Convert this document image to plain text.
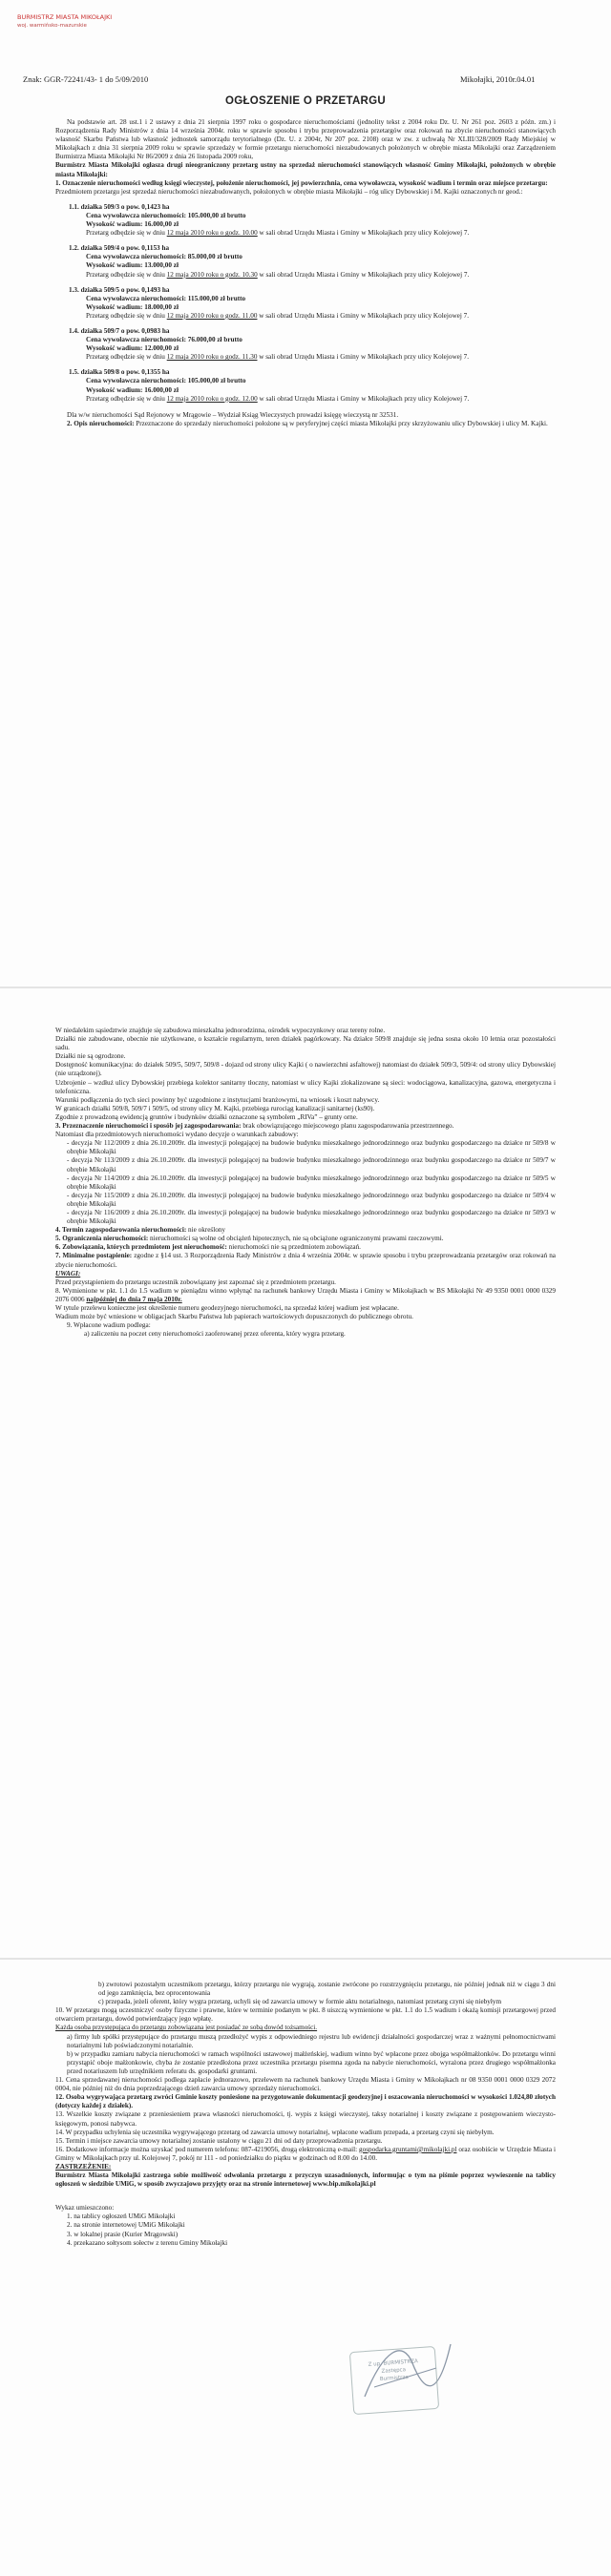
BURMISTRZ MIASTA MIKOŁAJKI
woj. warmińsko-mazurskie
Znak: GGR-72241/43- 1 do 5/09/2010	Mikołajki, 2010r.04.01
OGŁOSZENIE O PRZETARGU

Na podstawie art. 28 ust.1 i 2 ustawy z dnia 21 sierpnia 1997 roku o gospodarce nieruchomościami (jednolity tekst z 2004 roku Dz. U. Nr 261 poz. 2603 z późn. zm.) i Rozporządzenia Rady Ministrów z dnia 14 września 2004r. roku w sprawie sposobu i trybu przeprowadzenia przetargów oraz rokowań na zbycie nieruchomości stanowiących własność Skarbu Państwa lub własność jednostek samorządu terytorialnego (Dz. U. z 2004r, Nr 207 poz. 2108) oraz w zw. z uchwałą Nr XLIII/328/2009 Rady Miejskiej w Mikołajkach z dnia 31 sierpnia 2009 roku w sprawie sprzedaży w formie przetargu nieruchomości niezabudowanych położonych w obrębie miasta Mikołajki oraz Zarządzeniem Burmistrza Miasta Mikołajki Nr 86/2009 z dnia 26 listopada 2009 roku,

Burmistrz Miasta Mikołajki ogłasza drugi nieograniczony przetarg ustny na sprzedaż nieruchomości stanowiących własność Gminy Mikołajki, położonych w obrębie miasta Mikołajki:

1. Oznaczenie nieruchomości według księgi wieczystej, położenie nieruchomości, jej powierzchnia, cena wywoławcza, wysokość wadium i termin oraz miejsce przetargu:

Przedmiotem przetargu jest sprzedaż nieruchomości niezabudowanych, położonych w obrębie miasta Mikołajki – róg ulicy Dybowskiej i M. Kajki oznaczonych nr geod.:

1.1. działka 509/3 o pow. 0,1423 ha

Cena wywoławcza nieruchomości: 105.000,00 zł brutto

Wysokość wadium: 16.000,00 zł

Przetarg odbędzie się w dniu 12 maja 2010 roku o godz. 10.00 w sali obrad Urzędu Miasta i Gminy w Mikołajkach przy ulicy Kolejowej 7.

1.2. działka 509/4 o pow. 0,1153 ha

Cena wywoławcza nieruchomości: 85.000,00 zł brutto

Wysokość wadium: 13.000,00 zł

Przetarg odbędzie się w dniu 12 maja 2010 roku o godz. 10.30 w sali obrad Urzędu Miasta i Gminy w Mikołajkach przy ulicy Kolejowej 7.

1.3. działka 509/5 o pow. 0,1493 ha

Cena wywoławcza nieruchomości: 115.000,00 zł brutto

Wysokość wadium: 18.000,00 zł

Przetarg odbędzie się w dniu 12 maja 2010 roku o godz. 11.00 w sali obrad Urzędu Miasta i Gminy w Mikołajkach przy ulicy Kolejowej 7.

1.4. działka 509/7 o pow. 0,0983 ha

Cena wywoławcza nieruchomości: 76.000,00 zł brutto

Wysokość wadium: 12.000,00 zł

Przetarg odbędzie się w dniu 12 maja 2010 roku o godz. 11.30 w sali obrad Urzędu Miasta i Gminy w Mikołajkach przy ulicy Kolejowej 7.

1.5. działka 509/8 o pow. 0,1355 ha

Cena wywoławcza nieruchomości: 105.000,00 zł brutto

Wysokość wadium: 16.000,00 zł

Przetarg odbędzie się w dniu 12 maja 2010 roku o godz. 12.00 w sali obrad Urzędu Miasta i Gminy w Mikołajkach przy ulicy Kolejowej 7.

Dla w/w nieruchomości Sąd Rejonowy w Mrągowie – Wydział Ksiąg Wieczystych prowadzi księgę wieczystą nr 32531.

2. Opis nieruchomości: Przeznaczone do sprzedaży nieruchomości położone są w peryferyjnej części miasta Mikołajki przy skrzyżowaniu ulicy Dybowskiej i ulicy M. Kajki.

W niedalekim sąsiedztwie znajduje się zabudowa mieszkalna jednorodzinna, ośrodek wypoczynkowy oraz tereny rolne.

Działki nie zabudowane, obecnie nie użytkowane, o kształcie regularnym, teren działek pagórkowaty. Na działce 509/8 znajduje się jedna sosna około 10 letnia oraz pozostałości sadu.

Działki nie są ogrodzone.

Dostępność komunikacyjna: do działek 509/5, 509/7, 509/8 - dojazd od strony ulicy Kajki ( o nawierzchni asfaltowej) natomiast do działek 509/3, 509/4: od strony ulicy Dybowskiej (nie urządzonej).

Uzbrojenie – wzdłuż ulicy Dybowskiej przebiega kolektor sanitarny tłoczny, natomiast w ulicy Kajki zlokalizowane są sieci: wodociągowa, kanalizacyjna, gazowa, energetyczna i telefoniczna.

Warunki podłączenia do tych sieci powinny być uzgodnione z instytucjami branżowymi, na wniosek i koszt nabywcy.

W granicach działki 509/8, 509/7 i 509/5, od strony ulicy M. Kajki, przebiega rurociąg kanalizacji sanitarnej (ks90).

Zgodnie z prowadzoną ewidencją gruntów i budynków działki oznaczone są symbolem „RIVa” – grunty orne.

3. Przeznaczenie nieruchomości i sposób jej zagospodarowania: brak obowiązującego miejscowego planu zagospodarowania przestrzennego.

Natomiast dla przedmiotowych nieruchomości wydano decyzje o warunkach zabudowy:

- decyzja Nr 112/2009 z dnia 26.10.2009r. dla inwestycji polegającej na budowie budynku mieszkalnego jednorodzinnego oraz budynku gospodarczego na działce nr 509/8 w obrębie Mikołajki

- decyzja Nr 113/2009 z dnia 26.10.2009r. dla inwestycji polegającej na budowie budynku mieszkalnego jednorodzinnego oraz budynku gospodarczego na działce nr 509/7 w obrębie Mikołajki

- decyzja Nr 114/2009 z dnia 26.10.2009r. dla inwestycji polegającej na budowie budynku mieszkalnego jednorodzinnego oraz budynku gospodarczego na działce nr 509/5 w obrębie Mikołajki

- decyzja Nr 115/2009 z dnia 26.10.2009r. dla inwestycji polegającej na budowie budynku mieszkalnego jednorodzinnego oraz budynku gospodarczego na działce nr 509/4 w obrębie Mikołajki

- decyzja Nr 116/2009 z dnia 26.10.2009r. dla inwestycji polegającej na budowie budynku mieszkalnego jednorodzinnego oraz budynku gospodarczego na działce nr 509/3 w obrębie Mikołajki

4. Termin zagospodarowania nieruchomości: nie określony

5. Ograniczenia nieruchomości: nieruchomości są wolne od obciążeń hipotecznych, nie są obciążone ograniczonymi prawami rzeczowymi.

6. Zobowiązania, których przedmiotem jest nieruchomość: nieruchomości nie są przedmiotem zobowiązań.

7. Minimalne postąpienie: zgodne z §14 ust. 3 Rozporządzenia Rady Ministrów z dnia 4 września 2004r. w sprawie sposobu i trybu przeprowadzania przetargów oraz rokowań na zbycie nieruchomości.

UWAGI:

Przed przystąpieniem do przetargu uczestnik zobowiązany jest zapoznać się z przedmiotem przetargu.

8. Wymienione w pkt. 1.1 do 1.5 wadium w pieniądzu winno wpłynąć na rachunek bankowy Urzędu Miasta i Gminy w Mikołajkach w BS Mikołajki Nr 49 9350 0001 0000 0329 2076 0006 najpóźniej do dnia 7 maja 2010r.

W tytule przelewu konieczne jest określenie numeru geodezyjnego nieruchomości, na sprzedaż której wadium jest wpłacane.

Wadium może być wniesione w obligacjach Skarbu Państwa lub papierach wartościowych dopuszczonych do publicznego obrotu.

9. Wpłacone wadium podlega:

a) zaliczeniu na poczet ceny nieruchomości zaoferowanej przez oferenta, który wygra przetarg.

b) zwrotowi pozostałym uczestnikom przetargu, którzy przetargu nie wygrają, zostanie zwrócone po rozstrzygnięciu przetargu, nie później jednak niż w ciągu 3 dni od jego zamknięcia, bez oprocentowania

c) przepada, jeżeli oferent, który wygra przetarg, uchyli się od zawarcia umowy w formie aktu notarialnego, natomiast przetarg czyni się niebyłym

10. W przetargu mogą uczestniczyć osoby fizyczne i prawne, które w terminie podanym w pkt. 8 uiszczą wymienione w pkt. 1.1 do 1.5 wadium i okażą komisji przetargowej przed otwarciem przetargu, dowód potwierdzający jego wpłatę.

Każda osoba przystępująca do przetargu zobowiązana jest posiadać ze sobą dowód tożsamości.

a) firmy lub spółki przystępujące do przetargu muszą przedłożyć wypis z odpowiedniego rejestru lub ewidencji działalności gospodarczej wraz z ważnymi pełnomocnictwami notarialnymi lub poświadczonymi notarialnie.

b) w przypadku zamiaru nabycia nieruchomości w ramach wspólności ustawowej małżeńskiej, wadium winno być wpłacone przez obojga współmałżonków. Do przetargu winni przystąpić oboje małżonkowie, chyba że zostanie przedłożona przez uczestnika przetargu pisemna zgoda na nabycie nieruchomości, wyrażona przez drugiego współmałżonka przed notariuszem lub urzędnikiem referatu ds. gospodarki gruntami.

11. Cena sprzedawanej nieruchomości podlega zapłacie jednorazowo, przelewem na rachunek bankowy Urzędu Miasta i Gminy w Mikołajkach nr 08 9350 0001 0000 0329 2072 0004, nie później niż do dnia poprzedzającego dzień zawarcia umowy sprzedaży nieruchomości.

12. Osoba wygrywająca przetarg zwróci Gminie koszty poniesione na przygotowanie dokumentacji geodezyjnej i oszacowania nieruchomości w wysokości 1.024,80 złotych (dotyczy każdej z działek).

13. Wszelkie koszty związane z przeniesieniem prawa własności nieruchomości, tj. wypis z księgi wieczystej, taksy notarialnej i koszty związane z postępowaniem wieczysto-księgowym, ponosi nabywca.

14. W przypadku uchylenia się uczestnika wygrywającego przetarg od zawarcia umowy notarialnej, wpłacone wadium przepada, a przetarg czyni się niebyłym.

15. Termin i miejsce zawarcia umowy notarialnej zostanie ustalony w ciągu 21 dni od daty przeprowadzenia przetargu.

16. Dodatkowe informacje można uzyskać pod numerem telefonu: 087-4219056, drogą elektroniczną e-mail: gospodarka.gruntami@mikolajki.pl oraz osobiście w Urzędzie Miasta i Gminy w Mikołajkach przy ul. Kolejowej 7, pokój nr 111 - od poniedziałku do piątku w godzinach od 8.00 do 14.00.

ZASTRZEŻENIE:

Burmistrz Miasta Mikołajki zastrzega sobie możliwość odwołania przetargu z przyczyn uzasadnionych, informując o tym na piśmie poprzez wywieszenie na tablicy ogłoszeń w siedzibie UMiG, w sposób zwyczajowo przyjęty oraz na stronie internetowej www.bip.mikolajki.pl

Wykaz umieszczono:

1. na tablicy ogłoszeń UMiG Mikołajki

2. na stronie internetowej UMiG Mikołajki

3. w lokalnej prasie (Kurier Mrągowski)

4. przekazano sołtysom sołectw z terenu Gminy Mikołajki

Z up. BURMISTRZA
Zastępca
Burmistrza
